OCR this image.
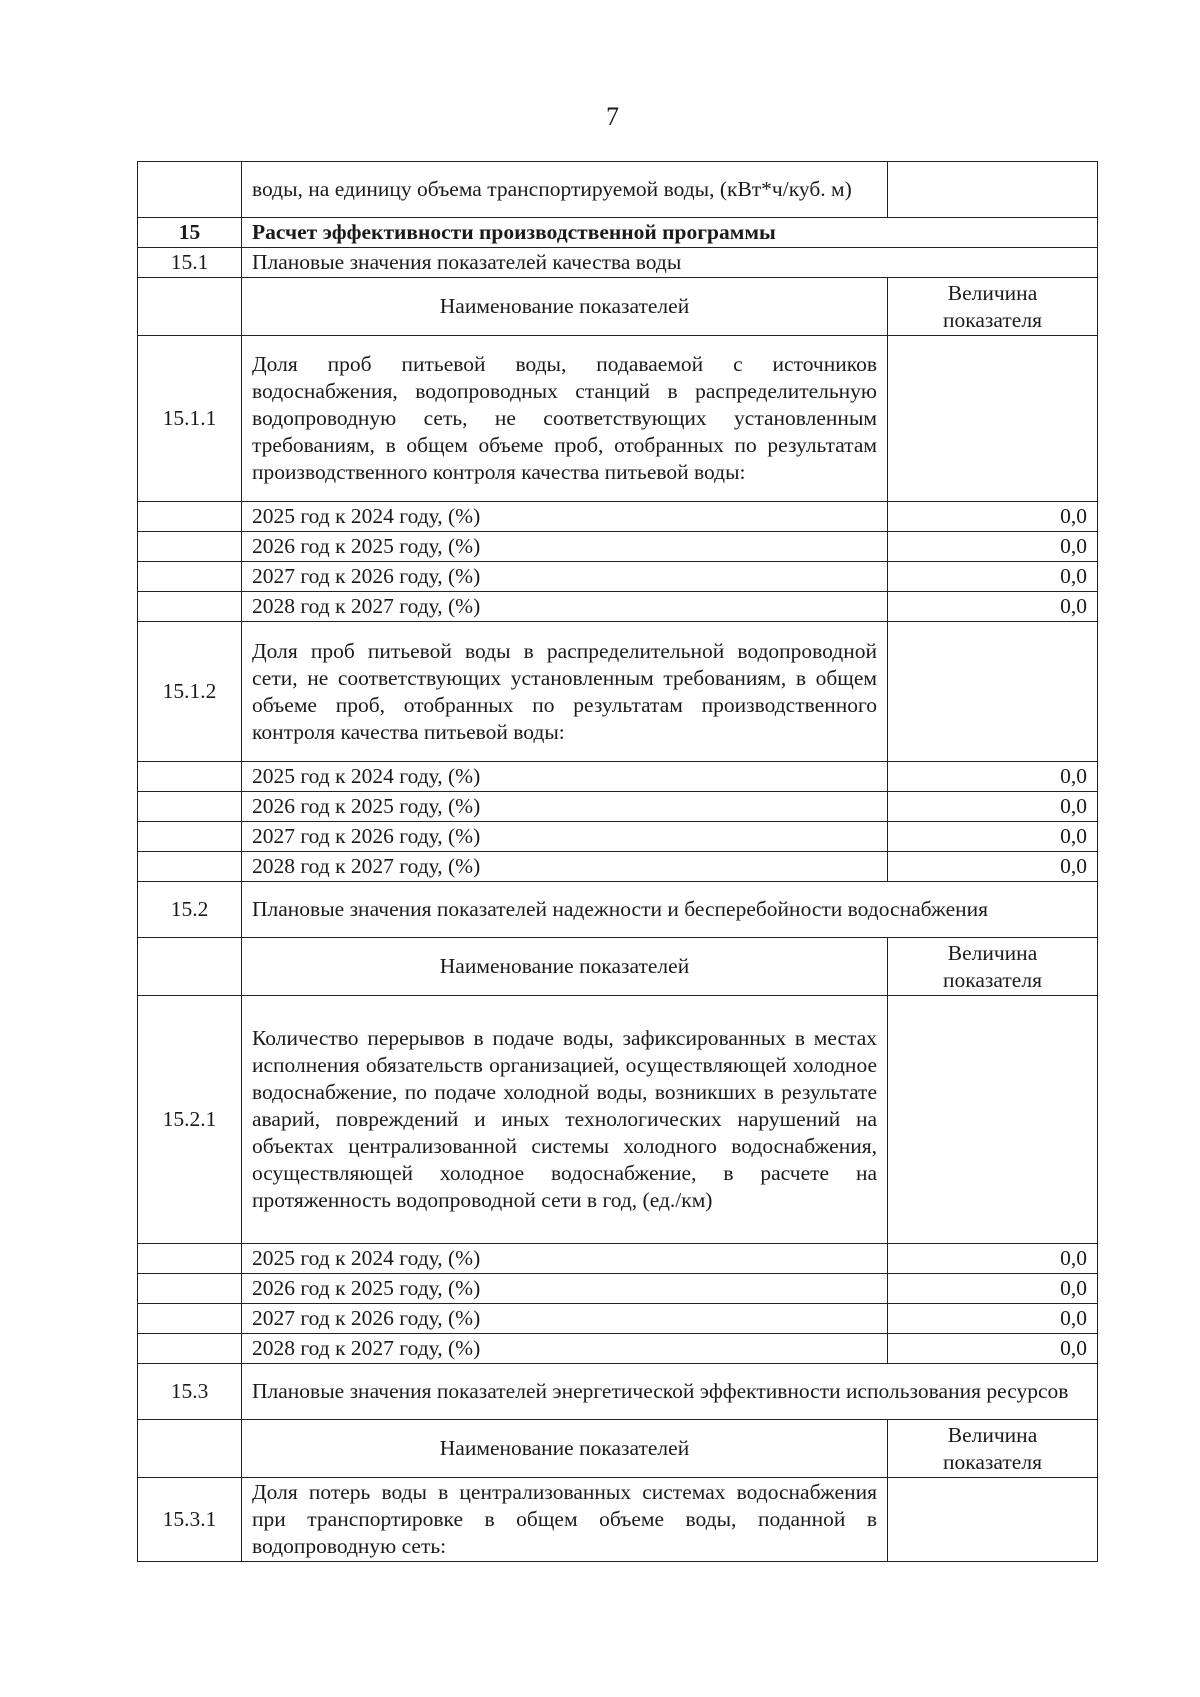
7
	воды, на единицу объема транспортируемой воды, (кВт*ч/куб. м)	
15	Расчет эффективности производственной программы	
15.1	Плановые значения показателей качества воды	
	Наименование показателей	Величина показателя
15.1.1	Доля проб питьевой воды, подаваемой с источников водоснабжения, водопроводных станций в распределительную водопроводную сеть, не соответствующих установленным требованиям, в общем объеме проб, отобранных по результатам производственного контроля качества питьевой воды:	
	2025 год к 2024 году, (%)	0,0
	2026 год к 2025 году, (%)	0,0
	2027 год к 2026 году, (%)	0,0
	2028 год к 2027 году, (%)	0,0
15.1.2	Доля проб питьевой воды в распределительной водопроводной сети, не соответствующих установленным требованиям, в общем объеме проб, отобранных по результатам производственного контроля качества питьевой воды:	
	2025 год к 2024 году, (%)	0,0
	2026 год к 2025 году, (%)	0,0
	2027 год к 2026 году, (%)	0,0
	2028 год к 2027 году, (%)	0,0
15.2	Плановые значения показателей надежности и бесперебойности водоснабжения	
	Наименование показателей	Величина показателя
15.2.1	Количество перерывов в подаче воды, зафиксированных в местах исполнения обязательств организацией, осуществляющей холодное водоснабжение, по подаче холодной воды, возникших в результате аварий, повреждений и иных технологических нарушений на объектах централизованной системы холодного водоснабжения, осуществляющей холодное водоснабжение, в расчете на протяженность водопроводной сети в год, (ед./км)	
	2025 год к 2024 году, (%)	0,0
	2026 год к 2025 году, (%)	0,0
	2027 год к 2026 году, (%)	0,0
	2028 год к 2027 году, (%)	0,0
15.3	Плановые значения показателей энергетической эффективности использования ресурсов	
	Наименование показателей	Величина показателя
15.3.1	Доля потерь воды в централизованных системах водоснабжения при транспортировке в общем объеме воды, поданной в водопроводную сеть:	
